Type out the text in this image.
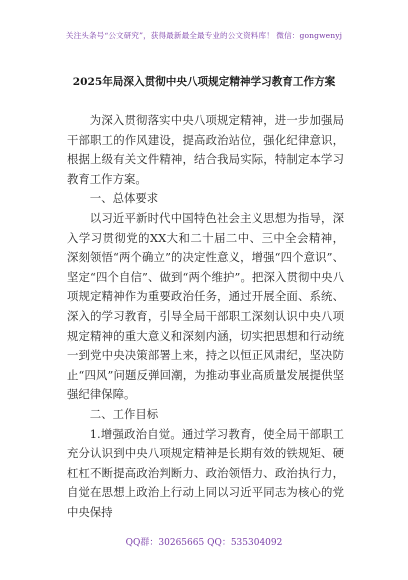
关注头条号“公文研究”，获得最新最全最专业的公文资料库！ 微信：gongwenyj
2025年局深入贯彻中央八项规定精神学习教育工作方案

为深入贯彻落实中央八项规定精神，进一步加强局干部职工的作风建设，提高政治站位，强化纪律意识，根据上级有关文件精神，结合我局实际，特制定本学习教育工作方案。

一、总体要求

以习近平新时代中国特色社会主义思想为指导，深入学习贯彻党的XX大和二十届二中、三中全会精神，深刻领悟“两个确立”的决定性意义，增强“四个意识”、坚定“四个自信”、做到“两个维护”。把深入贯彻中央八项规定精神作为重要政治任务，通过开展全面、系统、深入的学习教育，引导全局干部职工深刻认识中央八项规定精神的重大意义和深刻内涵，切实把思想和行动统一到党中央决策部署上来，持之以恒正风肃纪，坚决防止“四风”问题反弹回潮，为推动事业高质量发展提供坚强纪律保障。

二、工作目标

1.增强政治自觉。通过学习教育，使全局干部职工充分认识到中央八项规定精神是长期有效的铁规矩、硬杠杠不断提高政治判断力、政治领悟力、政治执行力，自觉在思想上政治上行动上同以习近平同志为核心的党中央保持

QQ群：30265665 QQ：535304092
